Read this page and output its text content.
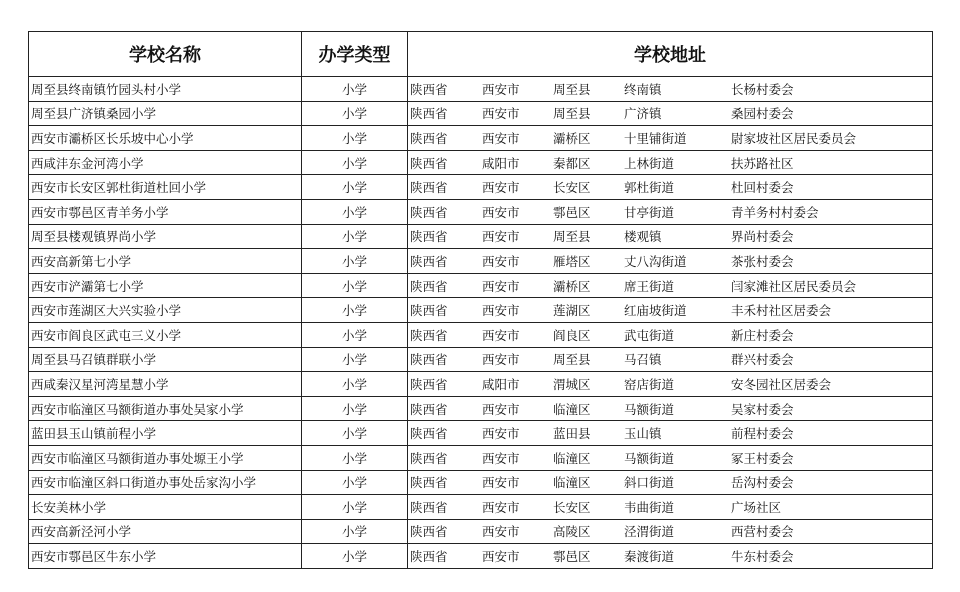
学校名称	办学类型	学校地址
周至县终南镇竹园头村小学	小学	陕西省 西安市 周至县 终南镇 长杨村委会

周至县广济镇桑园小学	小学	陕西省 西安市 周至县 广济镇 桑园村委会

西安市灞桥区长乐坡中心小学	小学	陕西省 西安市 灞桥区 十里铺街道 尉家坡社区居民委员会

西咸沣东金河湾小学	小学	陕西省 咸阳市 秦都区 上林街道 扶苏路社区

西安市长安区郭杜街道杜回小学	小学	陕西省 西安市 长安区 郭杜街道 杜回村委会

西安市鄠邑区青羊务小学	小学	陕西省 西安市 鄠邑区 甘亭街道 青羊务村村委会

周至县楼观镇界尚小学	小学	陕西省 西安市 周至县 楼观镇 界尚村委会

西安高新第七小学	小学	陕西省 西安市 雁塔区 丈八沟街道 茶张村委会

西安市浐灞第七小学	小学	陕西省 西安市 灞桥区 席王街道 闫家滩社区居民委员会

西安市莲湖区大兴实验小学	小学	陕西省 西安市 莲湖区 红庙坡街道 丰禾村社区居委会

西安市阎良区武屯三义小学	小学	陕西省 西安市 阎良区 武屯街道 新庄村委会

周至县马召镇群联小学	小学	陕西省 西安市 周至县 马召镇 群兴村委会

西咸秦汉星河湾星慧小学	小学	陕西省 咸阳市 渭城区 窑店街道 安冬园社区居委会

西安市临潼区马额街道办事处吴家小学	小学	陕西省 西安市 临潼区 马额街道 吴家村委会

蓝田县玉山镇前程小学	小学	陕西省 西安市 蓝田县 玉山镇 前程村委会

西安市临潼区马额街道办事处塬王小学	小学	陕西省 西安市 临潼区 马额街道 冢王村委会

西安市临潼区斜口街道办事处岳家沟小学	小学	陕西省 西安市 临潼区 斜口街道 岳沟村委会

长安美林小学	小学	陕西省 西安市 长安区 韦曲街道 广场社区

西安高新泾河小学	小学	陕西省 西安市 高陵区 泾渭街道 西营村委会

西安市鄠邑区牛东小学	小学	陕西省 西安市 鄠邑区 秦渡街道 牛东村委会
